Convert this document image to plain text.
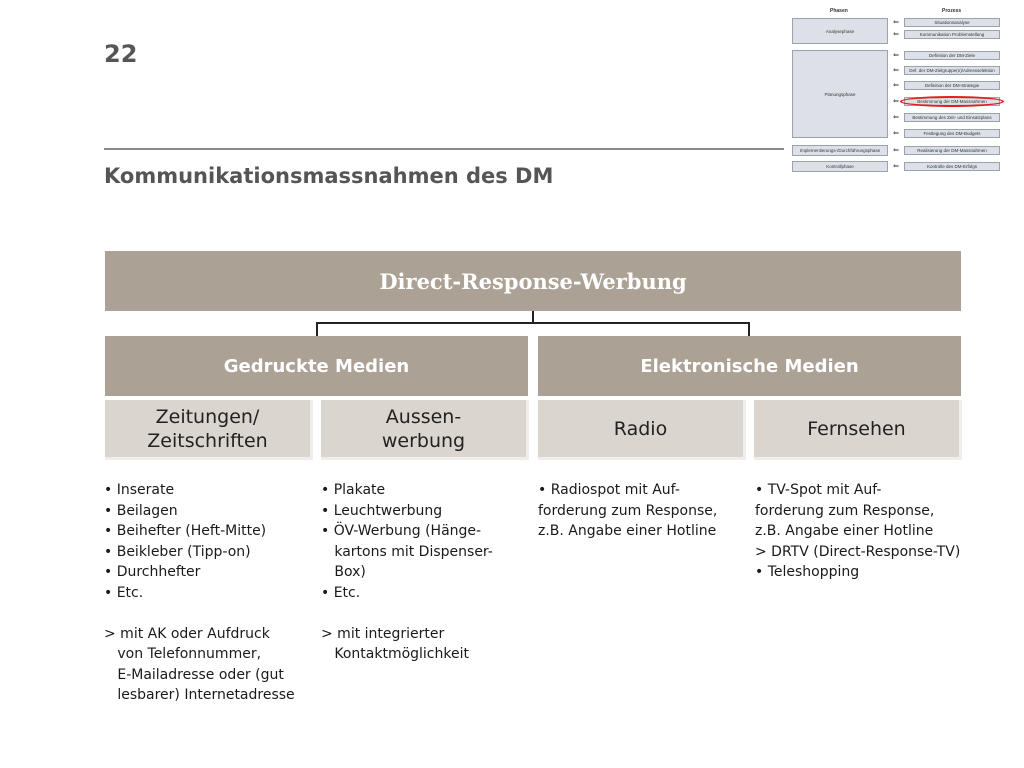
22
Kommunikationsmassnahmen des DM
Phasen	Prozess
Analysephase
Planungsphase
Implementierungs-/Durchführungsphase
Kontrollphase
⇐
⇐
⇐
⇐
⇐
⇐
⇐
⇐
⇐
⇐
Situationsanalyse
Kommunikation Problemstellung
Definition der DM-Ziele
Def. der DM-Zielgruppe(n)/Adressselektion
Definition der DM-Strategie
Bestimmung der DM-Massnahmen
Bestimmung des Zeit- und Einsatzplans
Festlegung des DM-Budgets
Realisierung der DM-Massnahmen
Kontrolle des DM-Erfolgs
Direct-Response-Werbung
Gedruckte Medien	Elektronische Medien
Zeitungen/
Zeitschriften
Aussen-
werbung
Radio	Fernsehen
• Inserate
• Beilagen
• Beihefter (Heft-Mitte)
• Beikleber (Tipp-on)
• Durchhefter
• Etc.
> mit AK oder Aufdruck
von Telefonnummer,
E-Mailadresse oder (gut
lesbarer) Internetadresse
• Plakate
• Leuchtwerbung
• ÖV-Werbung (Hänge-
kartons mit Dispenser-
Box)
• Etc.
> mit integrierter
Kontaktmöglichkeit
• Radiospot mit Auf-
forderung zum Response,
z.B. Angabe einer Hotline
• TV-Spot mit Auf-
forderung zum Response,
z.B. Angabe einer Hotline
> DRTV (Direct-Response-TV)
• Teleshopping
